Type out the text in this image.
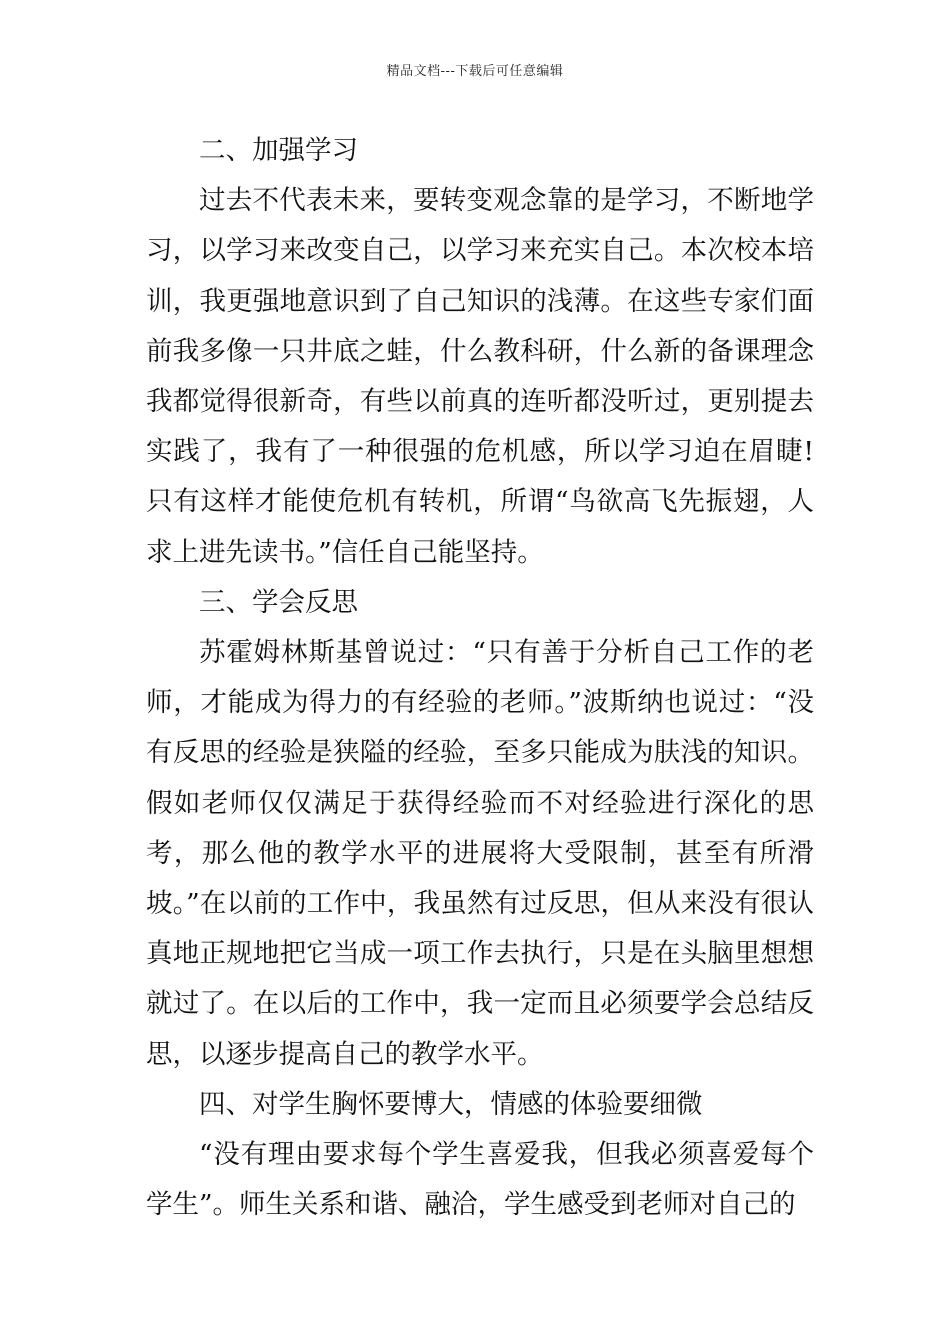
精品文档---下载后可任意编辑

二、加强学习

过去不代表未来，要转变观念靠的是学习，不断地学习，以学习来改变自己，以学习来充实自己。本次校本培训，我更强地意识到了自己知识的浅薄。在这些专家们面前我多像一只井底之蛙，什么教科研，什么新的备课理念我都觉得很新奇，有些以前真的连听都没听过，更别提去实践了，我有了一种很强的危机感，所以学习迫在眉睫!只有这样才能使危机有转机，所谓“鸟欲高飞先振翅，人求上进先读书。”信任自己能坚持。

三、学会反思

苏霍姆林斯基曾说过：“只有善于分析自己工作的老师，才能成为得力的有经验的老师。”波斯纳也说过：“没有反思的经验是狭隘的经验，至多只能成为肤浅的知识。假如老师仅仅满足于获得经验而不对经验进行深化的思考，那么他的教学水平的进展将大受限制，甚至有所滑坡。”在以前的工作中，我虽然有过反思，但从来没有很认真地正规地把它当成一项工作去执行，只是在头脑里想想就过了。在以后的工作中，我一定而且必须要学会总结反思，以逐步提高自己的教学水平。

四、对学生胸怀要博大，情感的体验要细微

“没有理由要求每个学生喜爱我，但我必须喜爱每个学生”。师生关系和谐、融洽，学生感受到老师对自己的
